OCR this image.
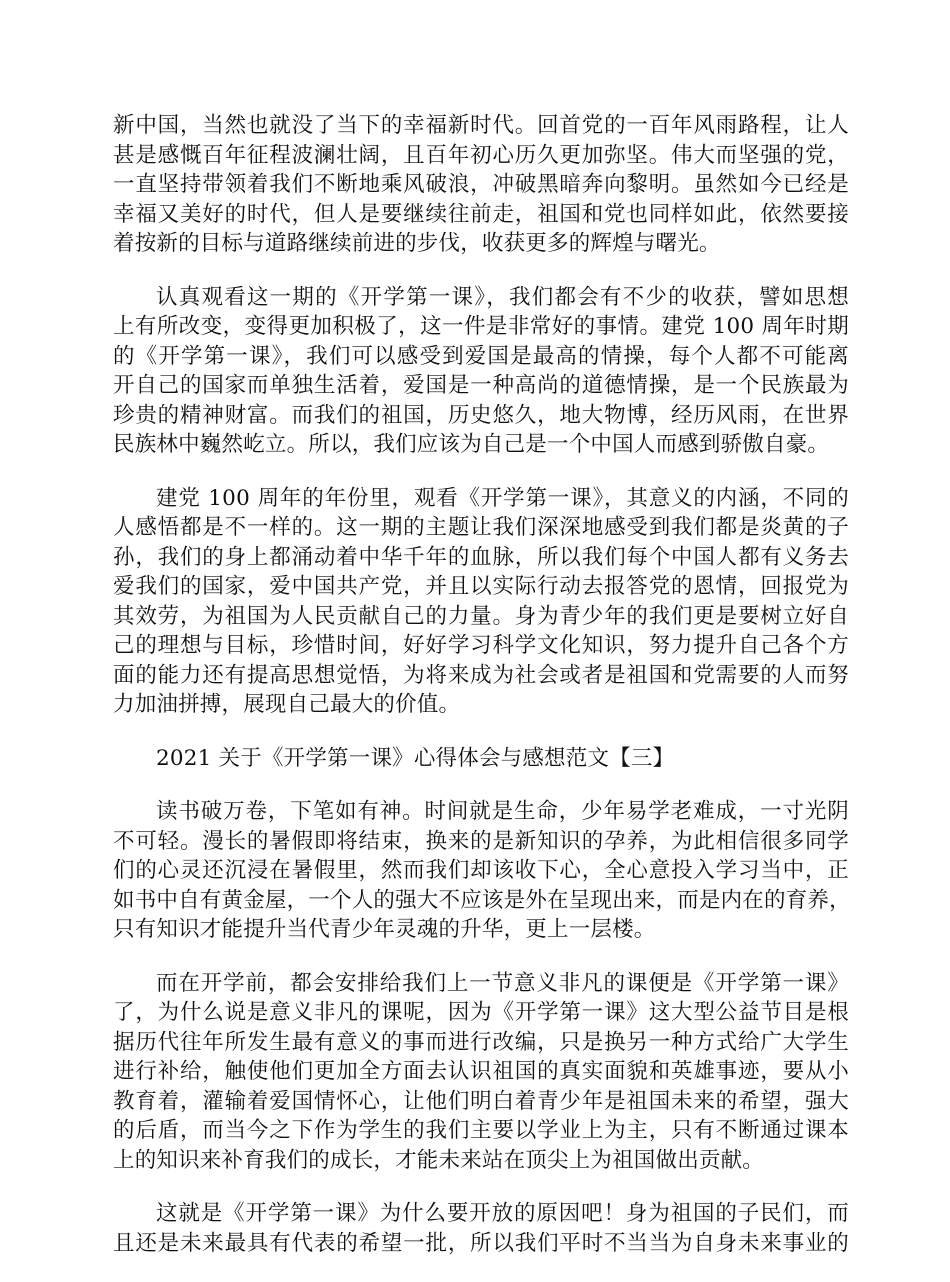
新中国，当然也就没了当下的幸福新时代。回首党的一百年风雨路程，让人
甚是感慨百年征程波澜壮阔，且百年初心历久更加弥坚。伟大而坚强的党，
一直坚持带领着我们不断地乘风破浪，冲破黑暗奔向黎明。虽然如今已经是
幸福又美好的时代，但人是要继续往前走，祖国和党也同样如此，依然要接
着按新的目标与道路继续前进的步伐，收获更多的辉煌与曙光。
认真观看这一期的《开学第一课》，我们都会有不少的收获，譬如思想
上有所改变，变得更加积极了，这一件是非常好的事情。建党 100 周年时期
的《开学第一课》，我们可以感受到爱国是最高的情操，每个人都不可能离
开自己的国家而单独生活着，爱国是一种高尚的道德情操，是一个民族最为
珍贵的精神财富。而我们的祖国，历史悠久，地大物博，经历风雨，在世界
民族林中巍然屹立。所以，我们应该为自己是一个中国人而感到骄傲自豪。
建党 100 周年的年份里，观看《开学第一课》，其意义的内涵，不同的
人感悟都是不一样的。这一期的主题让我们深深地感受到我们都是炎黄的子
孙，我们的身上都涌动着中华千年的血脉，所以我们每个中国人都有义务去
爱我们的国家，爱中国共产党，并且以实际行动去报答党的恩情，回报党为
其效劳，为祖国为人民贡献自己的力量。身为青少年的我们更是要树立好自
己的理想与目标，珍惜时间，好好学习科学文化知识，努力提升自己各个方
面的能力还有提高思想觉悟，为将来成为社会或者是祖国和党需要的人而努
力加油拼搏，展现自己最大的价值。
2021 关于《开学第一课》心得体会与感想范文【三】
读书破万卷，下笔如有神。时间就是生命，少年易学老难成，一寸光阴
不可轻。漫长的暑假即将结束，换来的是新知识的孕养，为此相信很多同学
们的心灵还沉浸在暑假里，然而我们却该收下心，全心意投入学习当中，正
如书中自有黄金屋，一个人的强大不应该是外在呈现出来，而是内在的育养，
只有知识才能提升当代青少年灵魂的升华，更上一层楼。
而在开学前，都会安排给我们上一节意义非凡的课便是《开学第一课》
了，为什么说是意义非凡的课呢，因为《开学第一课》这大型公益节目是根
据历代往年所发生最有意义的事而进行改编，只是换另一种方式给广大学生
进行补给，触使他们更加全方面去认识祖国的真实面貌和英雄事迹，要从小
教育着，灌输着爱国情怀心，让他们明白着青少年是祖国未来的希望，强大
的后盾，而当今之下作为学生的我们主要以学业上为主，只有不断通过课本
上的知识来补育我们的成长，才能未来站在顶尖上为祖国做出贡献。
这就是《开学第一课》为什么要开放的原因吧！身为祖国的子民们，而
且还是未来最具有代表的希望一批，所以我们平时不当当为自身未来事业的
